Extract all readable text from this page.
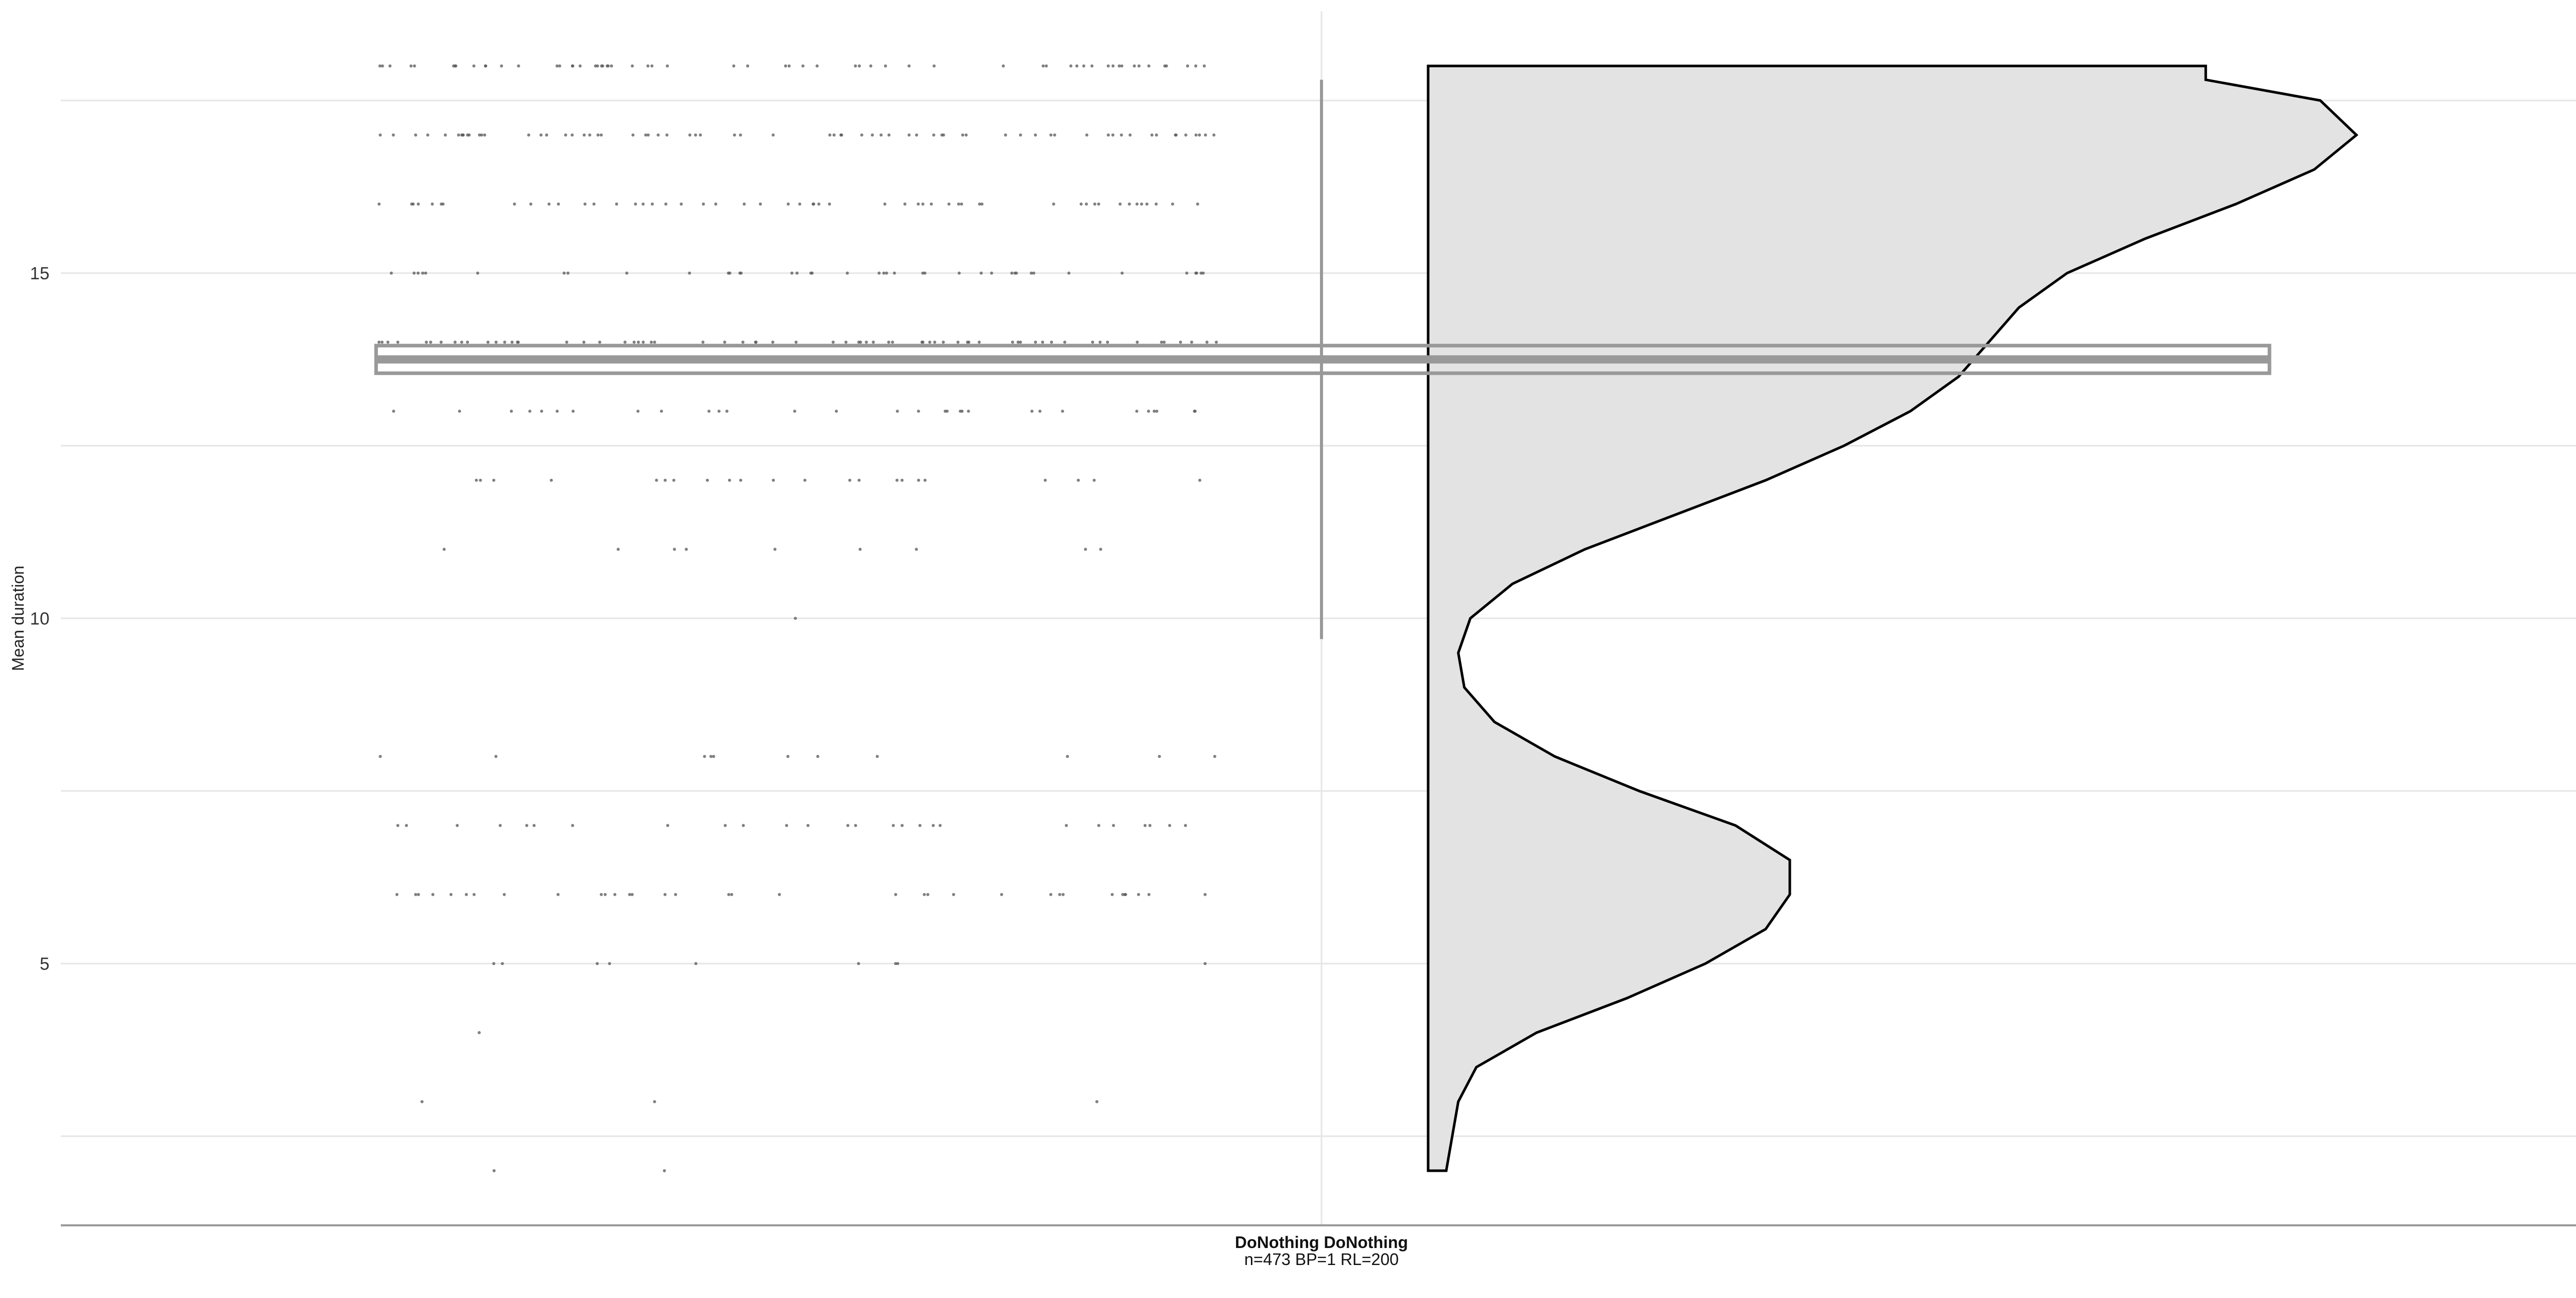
5
10
15
Mean duration
DoNothing DoNothing
n=473 BP=1 RL=200
